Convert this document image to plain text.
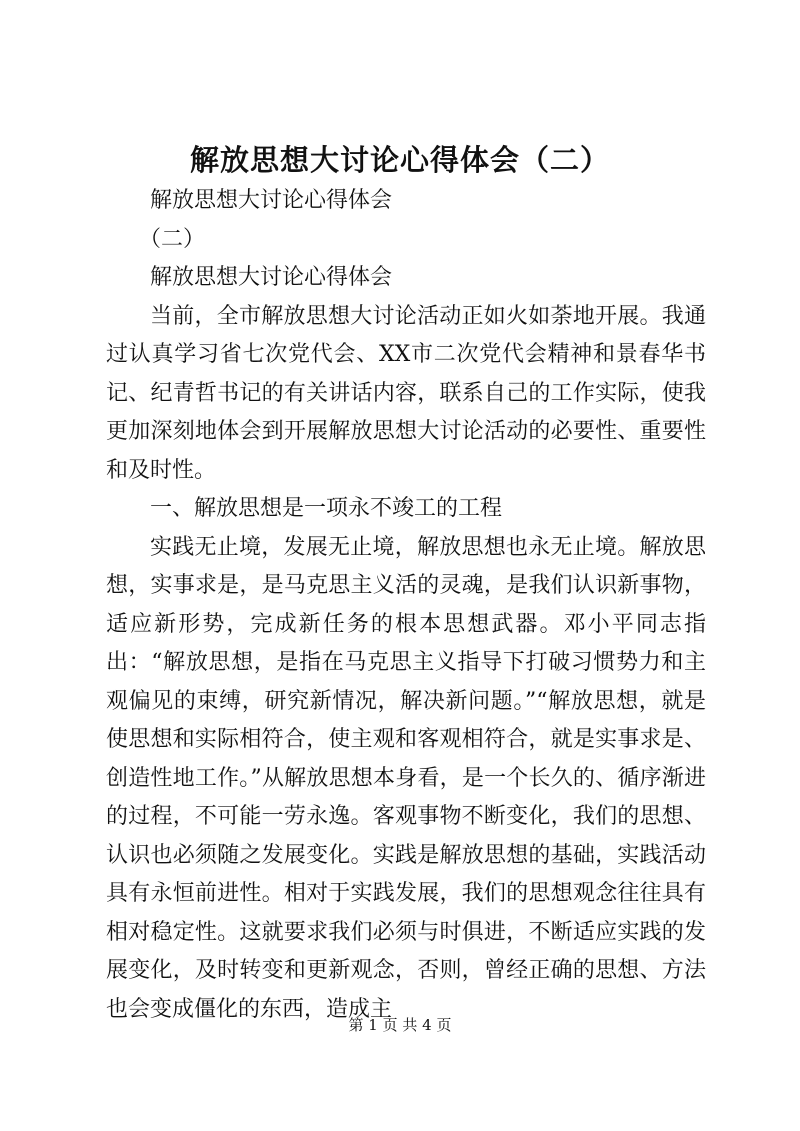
解放思想大讨论心得体会（二）

解放思想大讨论心得体会

（二）

解放思想大讨论心得体会

当前，全市解放思想大讨论活动正如火如荼地开展。我通过认真学习省七次党代会、XX市二次党代会精神和景春华书记、纪青哲书记的有关讲话内容，联系自己的工作实际，使我更加深刻地体会到开展解放思想大讨论活动的必要性、重要性和及时性。

一、解放思想是一项永不竣工的工程

实践无止境，发展无止境，解放思想也永无止境。解放思想，实事求是，是马克思主义活的灵魂，是我们认识新事物，适应新形势，完成新任务的根本思想武器。邓小平同志指出：“解放思想，是指在马克思主义指导下打破习惯势力和主观偏见的束缚，研究新情况，解决新问题。”“解放思想，就是使思想和实际相符合，使主观和客观相符合，就是实事求是、创造性地工作。”从解放思想本身看，是一个长久的、循序渐进的过程，不可能一劳永逸。客观事物不断变化，我们的思想、认识也必须随之发展变化。实践是解放思想的基础，实践活动具有永恒前进性。相对于实践发展，我们的思想观念往往具有相对稳定性。这就要求我们必须与时俱进，不断适应实践的发展变化，及时转变和更新观念，否则，曾经正确的思想、方法也会变成僵化的东西，造成主

第 1 页 共 4 页
